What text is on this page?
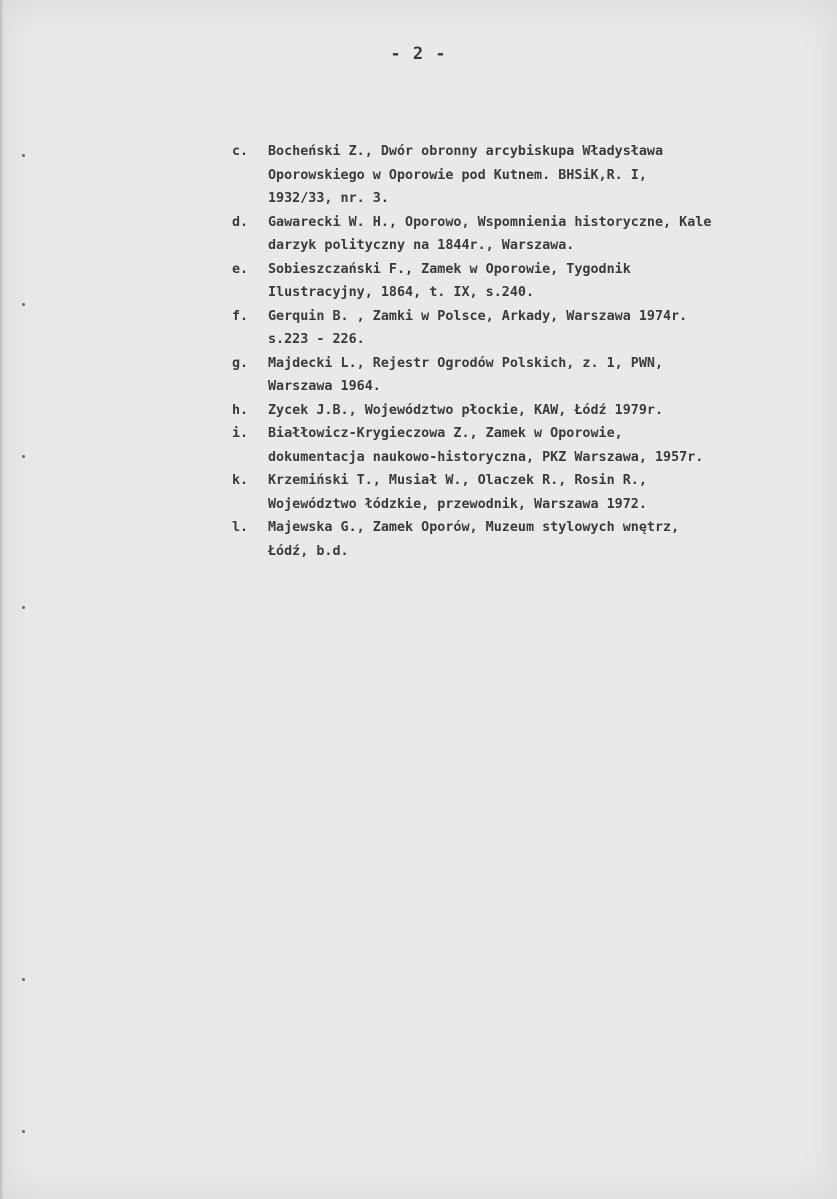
- 2 -
c.	Bocheński Z., Dwór obronny arcybiskupa Władysława
Oporowskiego w Oporowie pod Kutnem. BHSiK,R. I,
1932/33, nr. 3.
d.	Gawarecki W. H., Oporowo, Wspomnienia historyczne, Kale
darzyk polityczny na 1844r., Warszawa.
e.	Sobieszczański F., Zamek w Oporowie, Tygodnik
Ilustracyjny, 1864, t. IX, s.240.
f.	Gerquin B. , Zamki w Polsce, Arkady, Warszawa 1974r.
s.223 - 226.
g.	Majdecki L., Rejestr Ogrodów Polskich, z. 1, PWN,
Warszawa 1964.
h.	Zycek J.B., Województwo płockie, KAW, Łódź 1979r.
i.	Białłowicz-Krygieczowa Z., Zamek w Oporowie,
dokumentacja naukowo-historyczna, PKZ Warszawa, 1957r.
k.	Krzemiński T., Musiał W., Olaczek R., Rosin R.,
Województwo łódzkie, przewodnik, Warszawa 1972.
l.	Majewska G., Zamek Oporów, Muzeum stylowych wnętrz,
Łódź, b.d.
